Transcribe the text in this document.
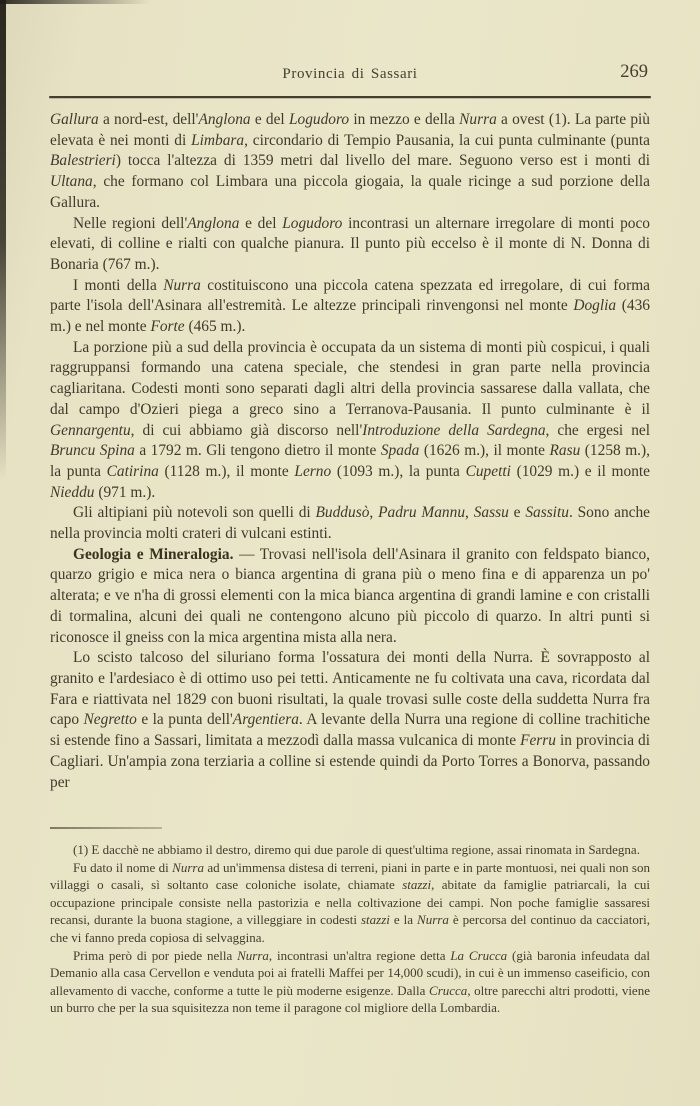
Provincia di Sassari	269

Gallura a nord-est, dell'Anglona e del Logudoro in mezzo e della Nurra a ovest (1). La parte più elevata è nei monti di Limbara, circondario di Tempio Pausania, la cui punta culminante (punta Balestrieri) tocca l'altezza di 1359 metri dal livello del mare. Seguono verso est i monti di Ultana, che formano col Limbara una piccola giogaia, la quale ricinge a sud porzione della Gallura.

Nelle regioni dell'Anglona e del Logudoro incontrasi un alternare irregolare di monti poco elevati, di colline e rialti con qualche pianura. Il punto più eccelso è il monte di N. Donna di Bonaria (767 m.).

I monti della Nurra costituiscono una piccola catena spezzata ed irregolare, di cui forma parte l'isola dell'Asinara all'estremità. Le altezze principali rinvengonsi nel monte Doglia (436 m.) e nel monte Forte (465 m.).

La porzione più a sud della provincia è occupata da un sistema di monti più cospicui, i quali raggruppansi formando una catena speciale, che stendesi in gran parte nella provincia cagliaritana. Codesti monti sono separati dagli altri della provincia sassarese dalla vallata, che dal campo d'Ozieri piega a greco sino a Terranova-Pausania. Il punto culminante è il Gennargentu, di cui abbiamo già discorso nell'Introduzione della Sardegna, che ergesi nel Bruncu Spina a 1792 m. Gli tengono dietro il monte Spada (1626 m.), il monte Rasu (1258 m.), la punta Catirina (1128 m.), il monte Lerno (1093 m.), la punta Cupetti (1029 m.) e il monte Nieddu (971 m.).

Gli altipiani più notevoli son quelli di Buddusò, Padru Mannu, Sassu e Sassitu. Sono anche nella provincia molti crateri di vulcani estinti.

Geologia e Mineralogia. — Trovasi nell'isola dell'Asinara il granito con feldspato bianco, quarzo grigio e mica nera o bianca argentina di grana più o meno fina e di apparenza un po' alterata; e ve n'ha di grossi elementi con la mica bianca argentina di grandi lamine e con cristalli di tormalina, alcuni dei quali ne contengono alcuno più piccolo di quarzo. In altri punti si riconosce il gneiss con la mica argentina mista alla nera.

Lo scisto talcoso del siluriano forma l'ossatura dei monti della Nurra. È sovrapposto al granito e l'ardesiaco è di ottimo uso pei tetti. Anticamente ne fu coltivata una cava, ricordata dal Fara e riattivata nel 1829 con buoni risultati, la quale trovasi sulle coste della suddetta Nurra fra capo Negretto e la punta dell'Argentiera. A levante della Nurra una regione di colline trachitiche si estende fino a Sassari, limitata a mezzodì dalla massa vulcanica di monte Ferru in provincia di Cagliari. Un'ampia zona terziaria a colline si estende quindi da Porto Torres a Bonorva, passando per

(1) E dacchè ne abbiamo il destro, diremo qui due parole di quest'ultima regione, assai rinomata in Sardegna.

Fu dato il nome di Nurra ad un'immensa distesa di terreni, piani in parte e in parte montuosi, nei quali non son villaggi o casali, sì soltanto case coloniche isolate, chiamate stazzi, abitate da famiglie patriarcali, la cui occupazione principale consiste nella pastorizia e nella coltivazione dei campi. Non poche famiglie sassaresi recansi, durante la buona stagione, a villeggiare in codesti stazzi e la Nurra è percorsa del continuo da cacciatori, che vi fanno preda copiosa di selvaggina.

Prima però di por piede nella Nurra, incontrasi un'altra regione detta La Crucca (già baronia infeudata dal Demanio alla casa Cervellon e venduta poi ai fratelli Maffei per 14,000 scudi), in cui è un immenso caseificio, con allevamento di vacche, conforme a tutte le più moderne esigenze. Dalla Crucca, oltre parecchi altri prodotti, viene un burro che per la sua squisitezza non teme il paragone col migliore della Lombardia.
